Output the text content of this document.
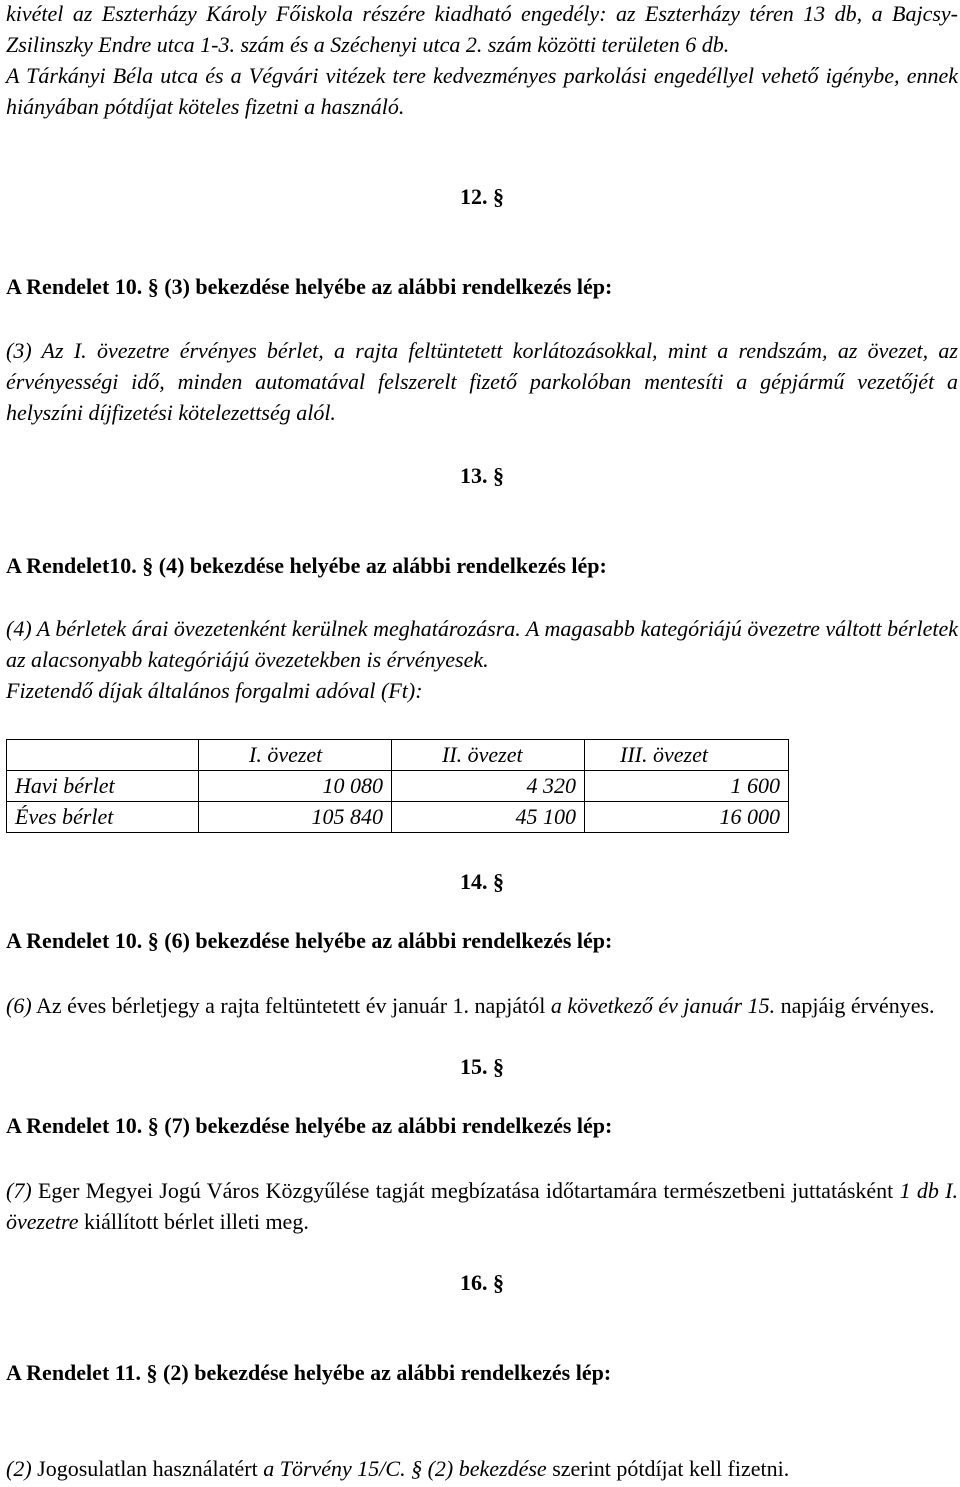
kivétel az Eszterházy Károly Főiskola részére kiadható engedély: az Eszterházy téren 13 db, a Bajcsy-Zsilinszky Endre utca 1-3. szám és a Széchenyi utca 2. szám közötti területen 6 db.

A Tárkányi Béla utca és a Végvári vitézek tere kedvezményes parkolási engedéllyel vehető igénybe, ennek hiányában pótdíjat köteles fizetni a használó.

12. §
A Rendelet 10. § (3) bekezdése helyébe az alábbi rendelkezés lép:

(3) Az I. övezetre érvényes bérlet, a rajta feltüntetett korlátozásokkal, mint a rendszám, az övezet, az érvényességi idő, minden automatával felszerelt fizető parkolóban mentesíti a gépjármű vezetőjét a helyszíni díjfizetési kötelezettség alól.

13. §
A Rendelet10. § (4) bekezdése helyébe az alábbi rendelkezés lép:

(4) A bérletek árai övezetenként kerülnek meghatározásra. A magasabb kategóriájú övezetre váltott bérletek az alacsonyabb kategóriájú övezetekben is érvényesek.

Fizetendő díjak általános forgalmi adóval (Ft):

	I. övezet	II. övezet	III. övezet
Havi bérlet	10 080	4 320	1 600
Éves bérlet	105 840	45 100	16 000
14. §
A Rendelet 10. § (6) bekezdése helyébe az alábbi rendelkezés lép:

(6) Az éves bérletjegy a rajta feltüntetett év január 1. napjától a következő év január 15. napjáig érvényes.

15. §
A Rendelet 10. § (7) bekezdése helyébe az alábbi rendelkezés lép:

(7) Eger Megyei Jogú Város Közgyűlése tagját megbízatása időtartamára természetbeni juttatásként 1 db I. övezetre kiállított bérlet illeti meg.

16. §
A Rendelet 11. § (2) bekezdése helyébe az alábbi rendelkezés lép:

(2) Jogosulatlan használatért a Törvény 15/C. § (2) bekezdése szerint pótdíjat kell fizetni.
